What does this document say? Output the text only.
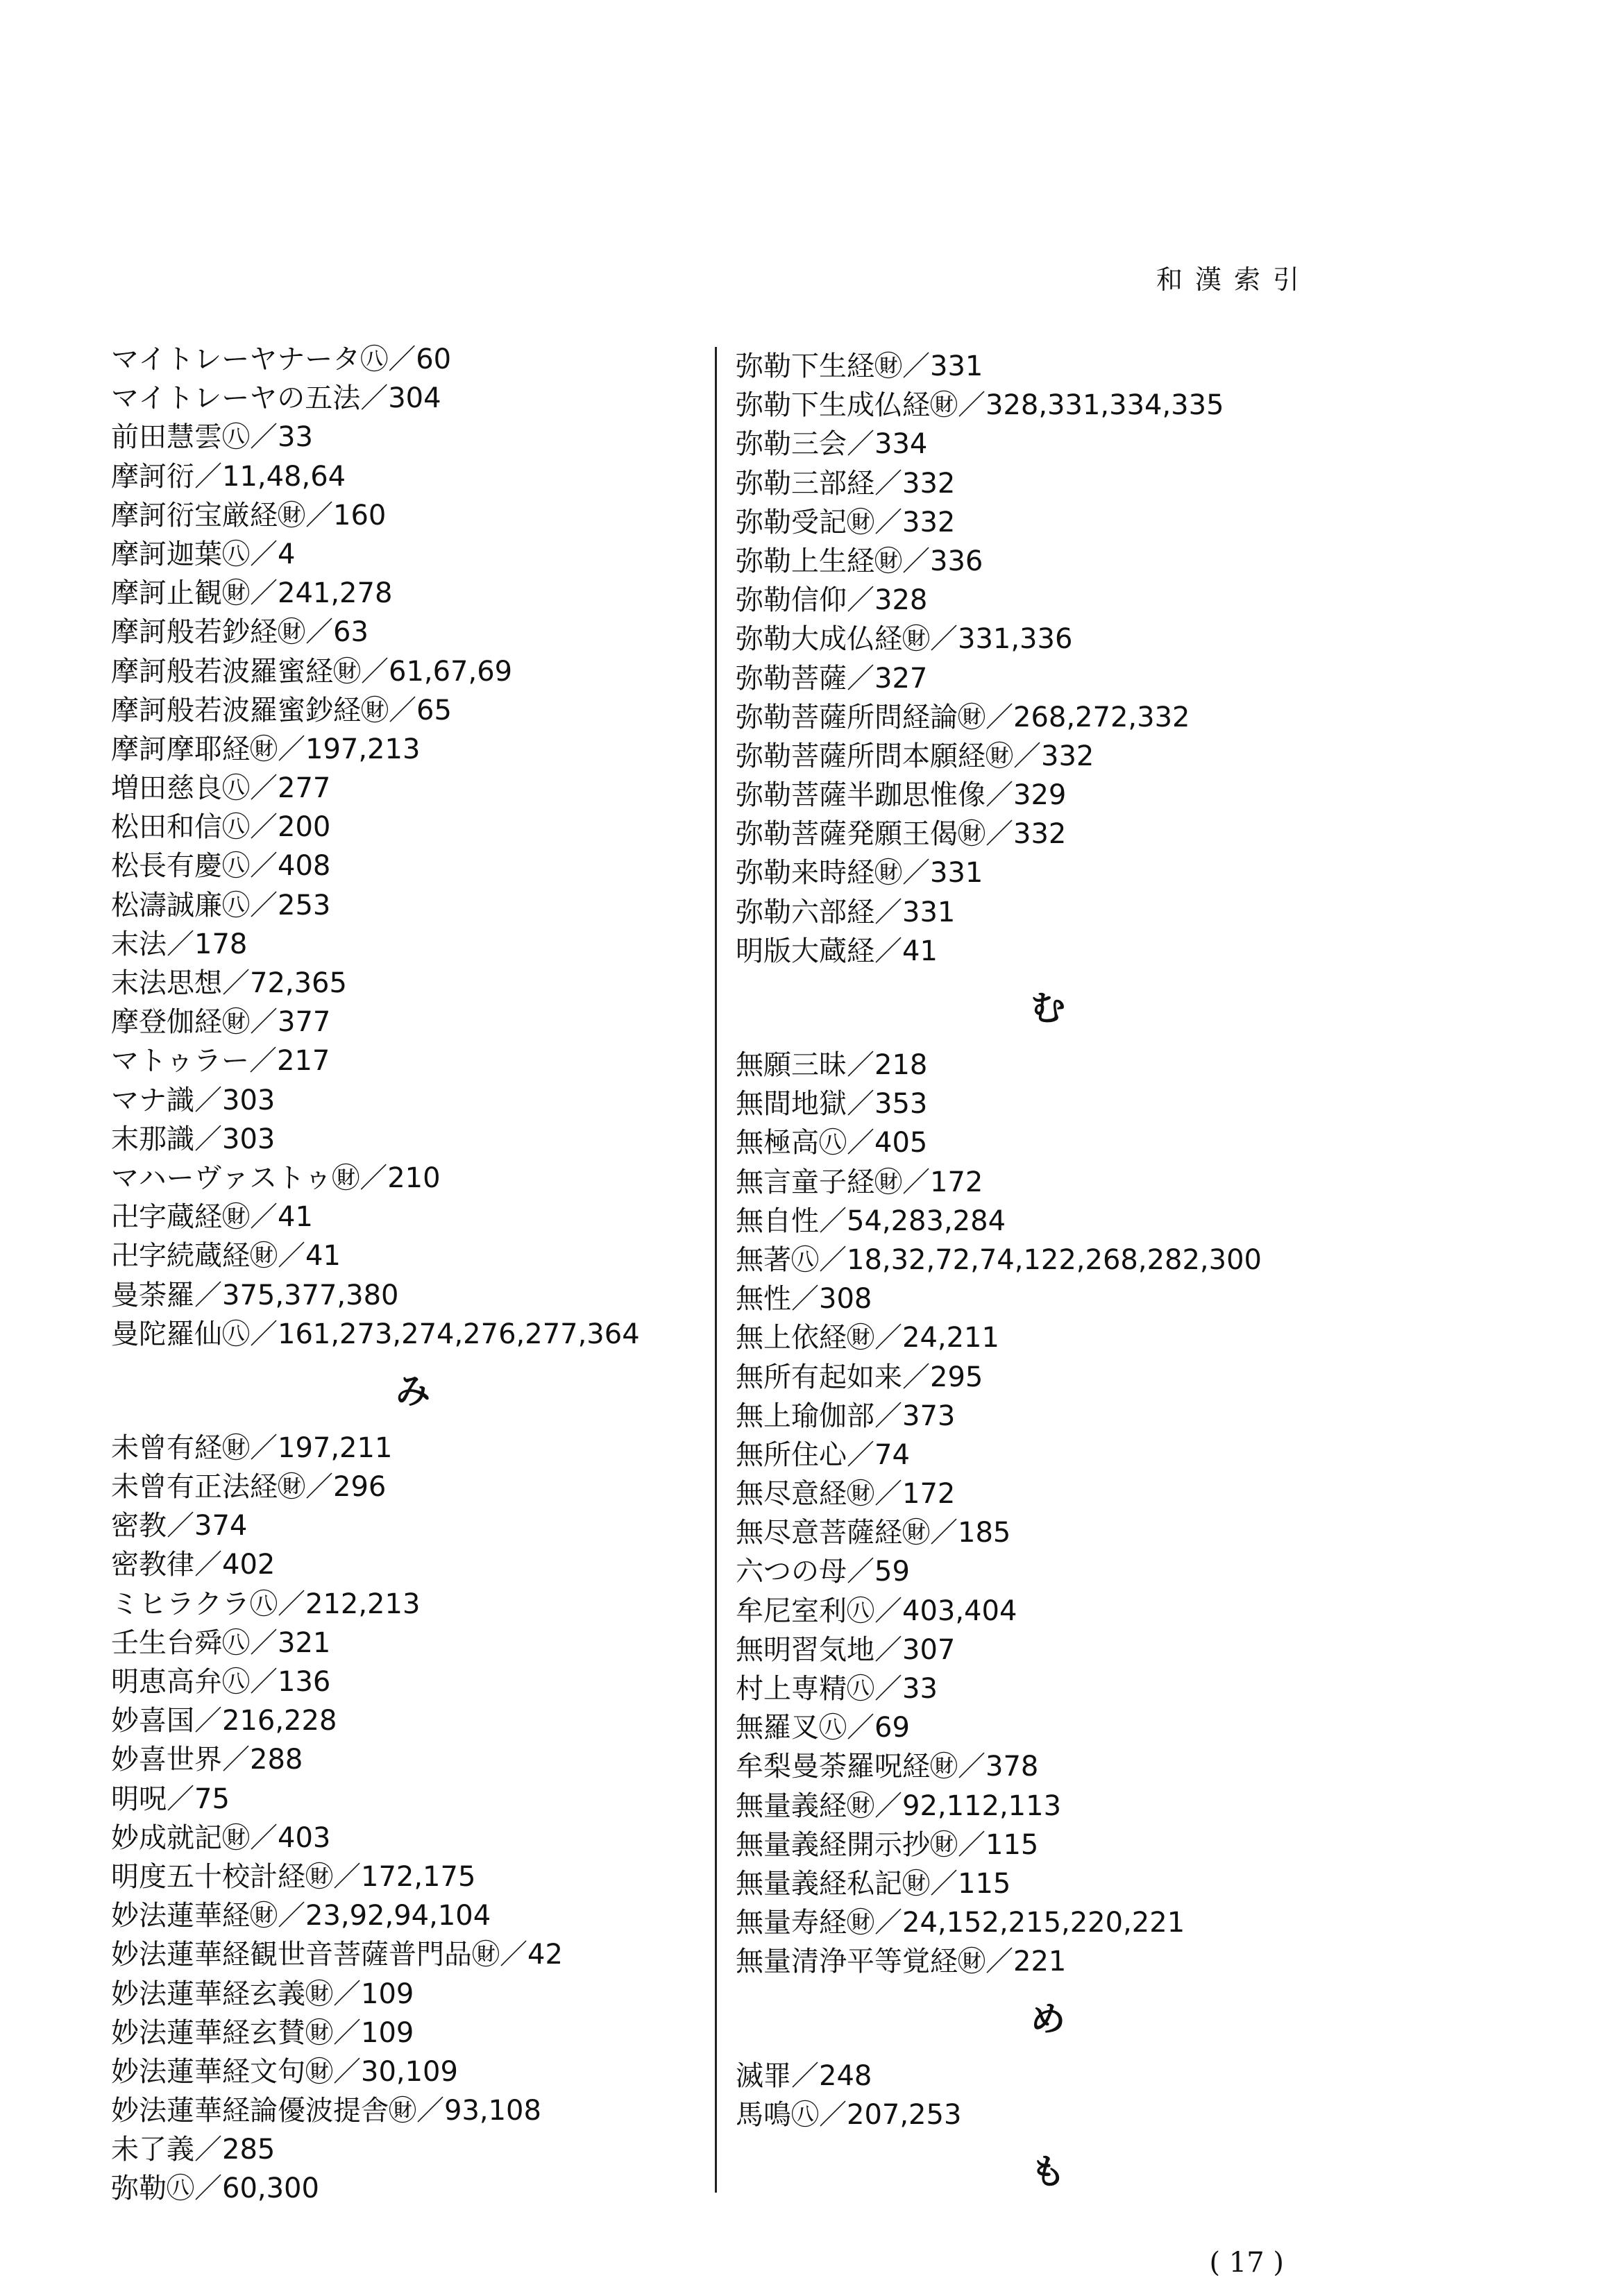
和漢索引
マイトレーヤナータ㊇／60
マイトレーヤの五法／304
前田慧雲㊇／33
摩訶衍／11,48,64
摩訶衍宝厳経㊖／160
摩訶迦葉㊇／4
摩訶止観㊖／241,278
摩訶般若鈔経㊖／63
摩訶般若波羅蜜経㊖／61,67,69
摩訶般若波羅蜜鈔経㊖／65
摩訶摩耶経㊖／197,213
増田慈良㊇／277
松田和信㊇／200
松長有慶㊇／408
松濤誠廉㊇／253
末法／178
末法思想／72,365
摩登伽経㊖／377
マトゥラー／217
マナ識／303
末那識／303
マハーヴァストゥ㊖／210
卍字蔵経㊖／41
卍字続蔵経㊖／41
曼荼羅／375,377,380
曼陀羅仙㊇／161,273,274,276,277,364
み
未曾有経㊖／197,211
未曾有正法経㊖／296
密教／374
密教律／402
ミヒラクラ㊇／212,213
壬生台舜㊇／321
明恵高弁㊇／136
妙喜国／216,228
妙喜世界／288
明呪／75
妙成就記㊖／403
明度五十校計経㊖／172,175
妙法蓮華経㊖／23,92,94,104
妙法蓮華経観世音菩薩普門品㊖／42
妙法蓮華経玄義㊖／109
妙法蓮華経玄賛㊖／109
妙法蓮華経文句㊖／30,109
妙法蓮華経論優波提舎㊖／93,108
未了義／285
弥勒㊇／60,300
弥勒下生経㊖／331
弥勒下生成仏経㊖／328,331,334,335
弥勒三会／334
弥勒三部経／332
弥勒受記㊖／332
弥勒上生経㊖／336
弥勒信仰／328
弥勒大成仏経㊖／331,336
弥勒菩薩／327
弥勒菩薩所問経論㊖／268,272,332
弥勒菩薩所問本願経㊖／332
弥勒菩薩半跏思惟像／329
弥勒菩薩発願王偈㊖／332
弥勒来時経㊖／331
弥勒六部経／331
明版大蔵経／41
む
無願三昧／218
無間地獄／353
無極高㊇／405
無言童子経㊖／172
無自性／54,283,284
無著㊇／18,32,72,74,122,268,282,300
無性／308
無上依経㊖／24,211
無所有起如来／295
無上瑜伽部／373
無所住心／74
無尽意経㊖／172
無尽意菩薩経㊖／185
六つの母／59
牟尼室利㊇／403,404
無明習気地／307
村上専精㊇／33
無羅叉㊇／69
牟梨曼荼羅呪経㊖／378
無量義経㊖／92,112,113
無量義経開示抄㊖／115
無量義経私記㊖／115
無量寿経㊖／24,152,215,220,221
無量清浄平等覚経㊖／221
め
滅罪／248
馬鳴㊇／207,253
も
( 17 )
